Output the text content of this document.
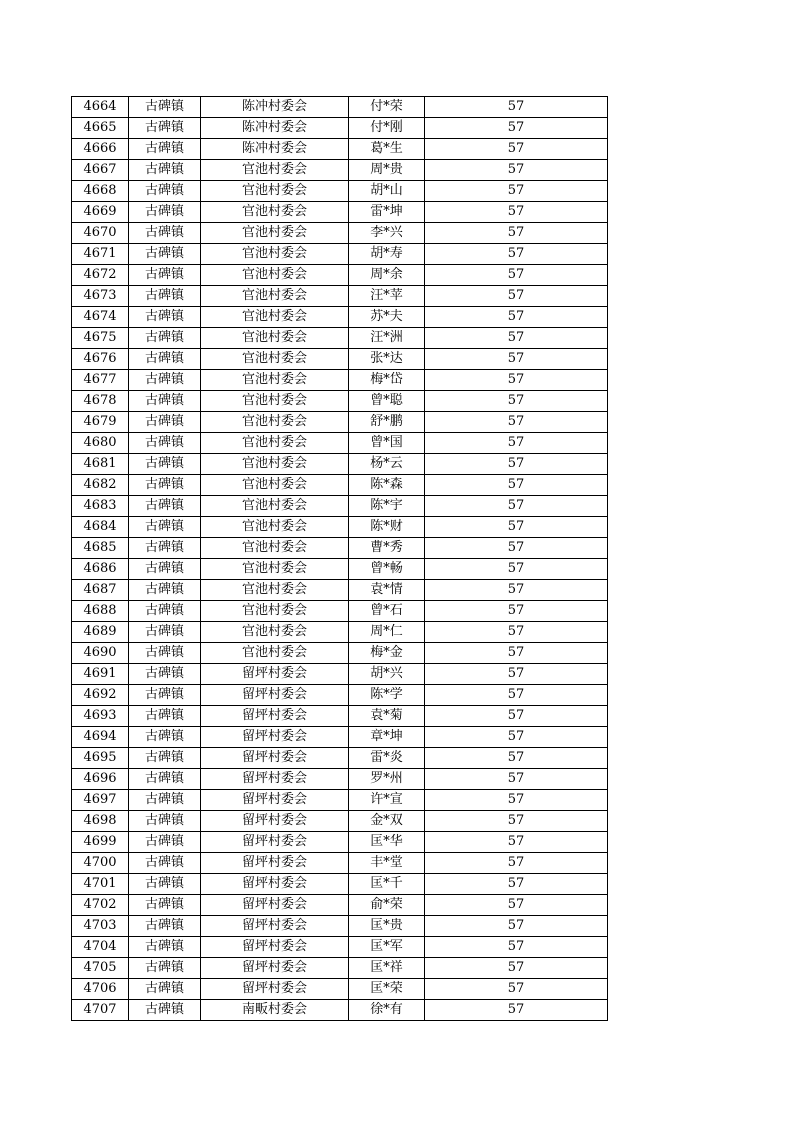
4664	古碑镇	陈冲村委会	付*荣	57
4665	古碑镇	陈冲村委会	付*刚	57
4666	古碑镇	陈冲村委会	葛*生	57
4667	古碑镇	官池村委会	周*贵	57
4668	古碑镇	官池村委会	胡*山	57
4669	古碑镇	官池村委会	雷*坤	57
4670	古碑镇	官池村委会	李*兴	57
4671	古碑镇	官池村委会	胡*寿	57
4672	古碑镇	官池村委会	周*余	57
4673	古碑镇	官池村委会	汪*苹	57
4674	古碑镇	官池村委会	苏*夫	57
4675	古碑镇	官池村委会	汪*洲	57
4676	古碑镇	官池村委会	张*达	57
4677	古碑镇	官池村委会	梅*岱	57
4678	古碑镇	官池村委会	曾*聪	57
4679	古碑镇	官池村委会	舒*鹏	57
4680	古碑镇	官池村委会	曾*国	57
4681	古碑镇	官池村委会	杨*云	57
4682	古碑镇	官池村委会	陈*森	57
4683	古碑镇	官池村委会	陈*宇	57
4684	古碑镇	官池村委会	陈*财	57
4685	古碑镇	官池村委会	曹*秀	57
4686	古碑镇	官池村委会	曾*畅	57
4687	古碑镇	官池村委会	袁*情	57
4688	古碑镇	官池村委会	曾*石	57
4689	古碑镇	官池村委会	周*仁	57
4690	古碑镇	官池村委会	梅*金	57
4691	古碑镇	留坪村委会	胡*兴	57
4692	古碑镇	留坪村委会	陈*学	57
4693	古碑镇	留坪村委会	袁*菊	57
4694	古碑镇	留坪村委会	章*坤	57
4695	古碑镇	留坪村委会	雷*炎	57
4696	古碑镇	留坪村委会	罗*州	57
4697	古碑镇	留坪村委会	许*宣	57
4698	古碑镇	留坪村委会	金*双	57
4699	古碑镇	留坪村委会	匡*华	57
4700	古碑镇	留坪村委会	丰*堂	57
4701	古碑镇	留坪村委会	匡*千	57
4702	古碑镇	留坪村委会	俞*荣	57
4703	古碑镇	留坪村委会	匡*贵	57
4704	古碑镇	留坪村委会	匡*军	57
4705	古碑镇	留坪村委会	匡*祥	57
4706	古碑镇	留坪村委会	匡*荣	57
4707	古碑镇	南畈村委会	徐*有	57
